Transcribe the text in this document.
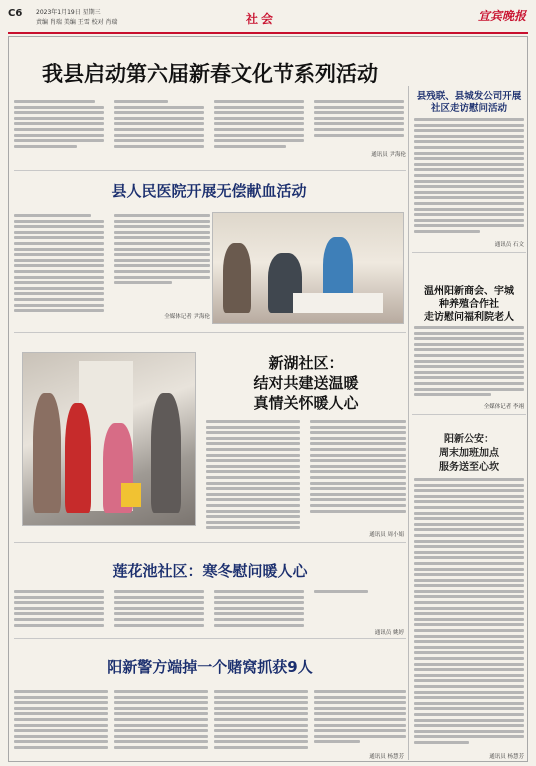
C6 2023年1月19日 星期三
责编 肖瑞 美编 王雪 校对 肖瑞	社会	宜宾晚报
我县启动第六届新春文化节系列活动
通讯员 尹海伦
县人民医院开展无偿献血活动
全媒体记者 尹海伦
新湖社区：
结对共建送温暖
真情关怀暖人心
通讯员 周小娟
莲花池社区：寒冬慰问暖人心
通讯员 姚婷
阳新警方端掉一个赌窝抓获9人
通讯员 杨慧芳
县残联、县城发公司开展
社区走访慰问活动
通讯员 石文
温州阳新商会、宇城
种养殖合作社
走访慰问福利院老人
全媒体记者 李翊
阳新公安：
周末加班加点
服务送至心坎
通讯员 杨慧芳
